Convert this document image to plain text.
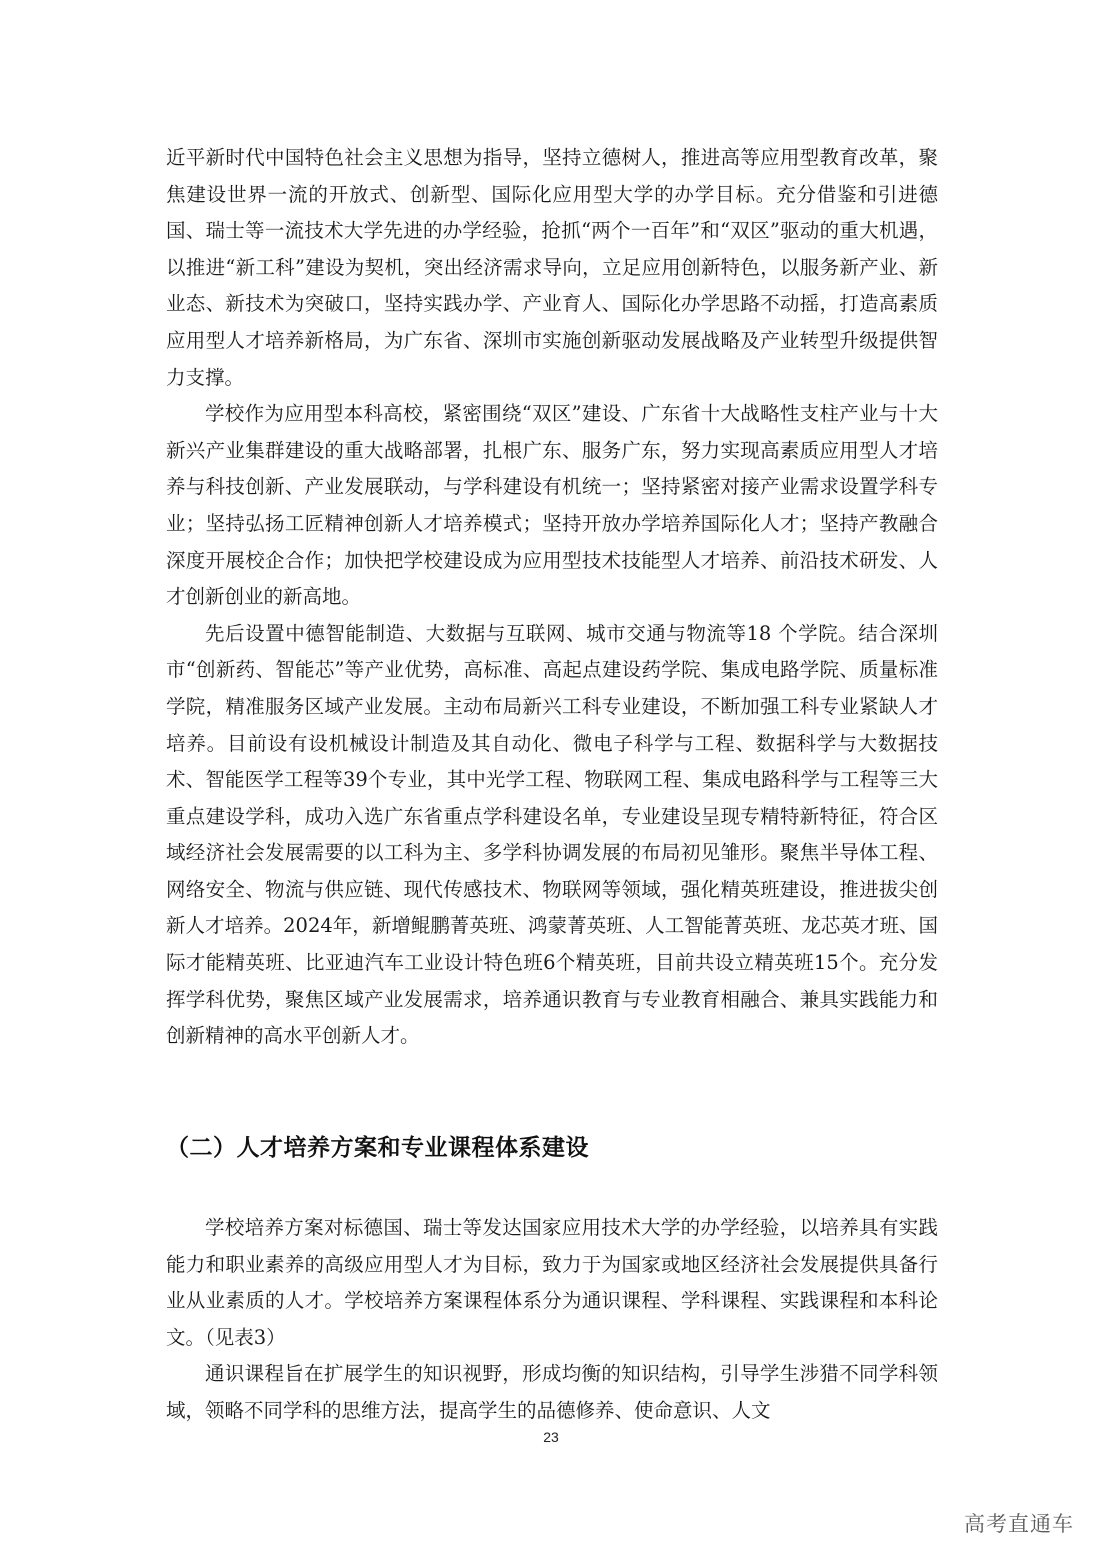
近平新时代中国特色社会主义思想为指导，坚持立德树人，推进高等应用型教育改革，聚焦建设世界一流的开放式、创新型、国际化应用型大学的办学目标。充分借鉴和引进德国、瑞士等一流技术大学先进的办学经验，抢抓“两个一百年”和“双区”驱动的重大机遇，以推进“新工科”建设为契机，突出经济需求导向，立足应用创新特色，以服务新产业、新业态、新技术为突破口，坚持实践办学、产业育人、国际化办学思路不动摇，打造高素质应用型人才培养新格局，为广东省、深圳市实施创新驱动发展战略及产业转型升级提供智力支撑。

学校作为应用型本科高校，紧密围绕“双区”建设、广东省十大战略性支柱产业与十大新兴产业集群建设的重大战略部署，扎根广东、服务广东，努力实现高素质应用型人才培养与科技创新、产业发展联动，与学科建设有机统一；坚持紧密对接产业需求设置学科专业；坚持弘扬工匠精神创新人才培养模式；坚持开放办学培养国际化人才；坚持产教融合深度开展校企合作；加快把学校建设成为应用型技术技能型人才培养、前沿技术研发、人才创新创业的新高地。

先后设置中德智能制造、大数据与互联网、城市交通与物流等18 个学院。结合深圳市“创新药、智能芯”等产业优势，高标准、高起点建设药学院、集成电路学院、质量标准学院，精准服务区域产业发展。主动布局新兴工科专业建设，不断加强工科专业紧缺人才培养。目前设有设机械设计制造及其自动化、微电子科学与工程、数据科学与大数据技术、智能医学工程等39个专业，其中光学工程、物联网工程、集成电路科学与工程等三大重点建设学科，成功入选广东省重点学科建设名单，专业建设呈现专精特新特征，符合区域经济社会发展需要的以工科为主、多学科协调发展的布局初见雏形。聚焦半导体工程、网络安全、物流与供应链、现代传感技术、物联网等领域，强化精英班建设，推进拔尖创新人才培养。2024年，新增鲲鹏菁英班、鸿蒙菁英班、人工智能菁英班、龙芯英才班、国际才能精英班、比亚迪汽车工业设计特色班6个精英班，目前共设立精英班15个。充分发挥学科优势，聚焦区域产业发展需求，培养通识教育与专业教育相融合、兼具实践能力和创新精神的高水平创新人才。

（二）人才培养方案和专业课程体系建设

学校培养方案对标德国、瑞士等发达国家应用技术大学的办学经验，以培养具有实践能力和职业素养的高级应用型人才为目标，致力于为国家或地区经济社会发展提供具备行业从业素质的人才。学校培养方案课程体系分为通识课程、学科课程、实践课程和本科论文。（见表3）

通识课程旨在扩展学生的知识视野，形成均衡的知识结构，引导学生涉猎不同学科领域，领略不同学科的思维方法，提高学生的品德修养、使命意识、人文

23
高考直通车
